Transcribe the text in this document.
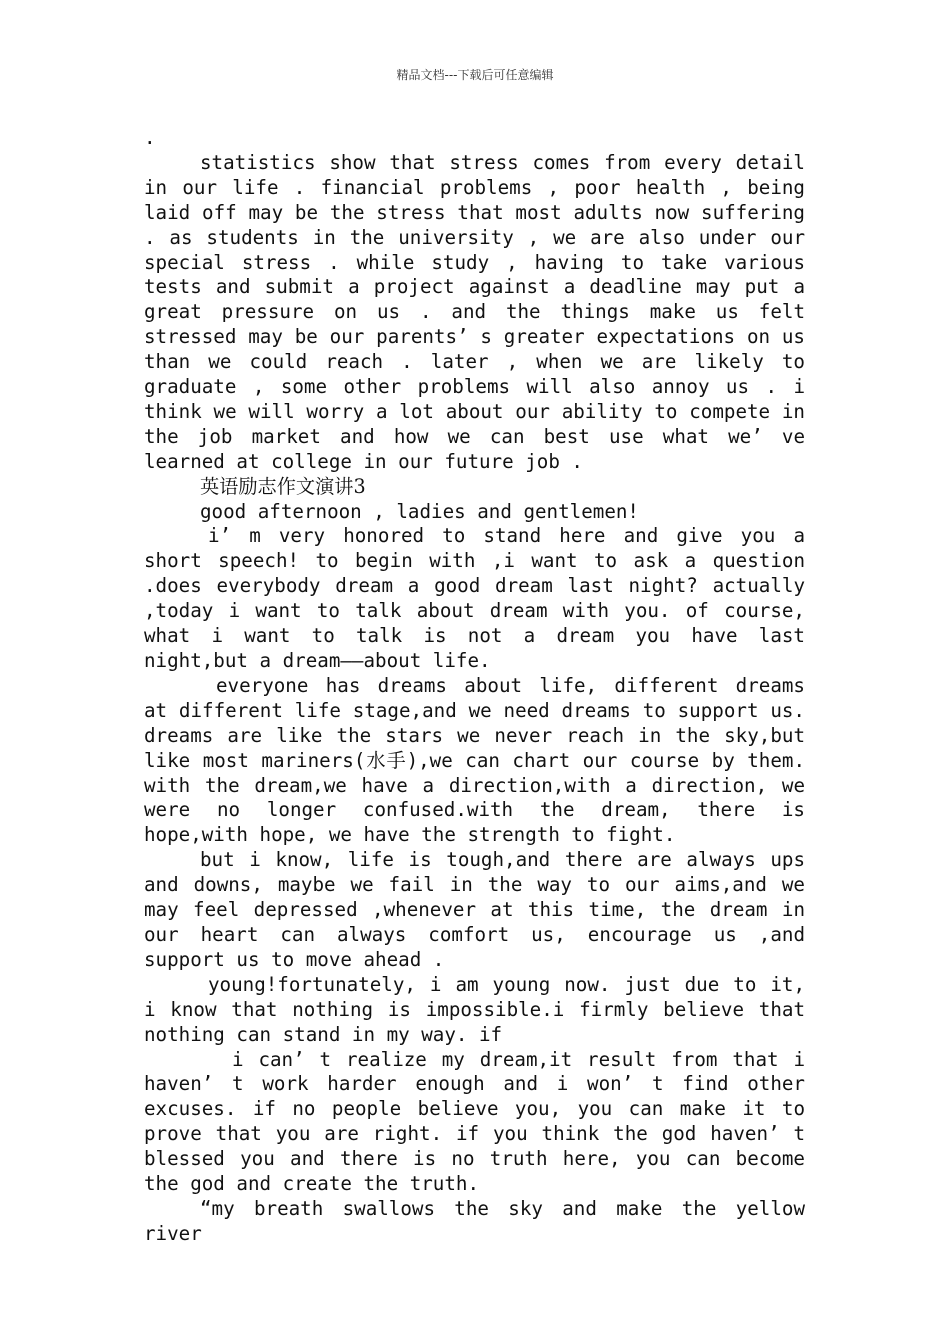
精品文档---下载后可任意编辑

.

statistics show that stress comes from every detail in our life . financial problems , poor health , being laid off may be the stress that most adults now suffering . as students in the university , we are also under our special stress . while study , having to take various tests and submit a project against a deadline may put a great pressure on us . and the things make us felt stressed may be our parents’ s greater expectations on us than we could reach . later , when we are likely to graduate , some other problems will also annoy us . i think we will worry a lot about our ability to compete in the job market and how we can best use what we’ ve learned at college in our future job .

英语励志作文演讲3

good afternoon , ladies and gentlemen!

i’ m very honored to stand here and give you a short speech! to begin with ,i want to ask a question .does everybody dream a good dream last night? actually ,today i want to talk about dream with you. of course, what i want to talk is not a dream you have last night,but a dream——about life.

everyone has dreams about life, different dreams at different life stage,and we need dreams to support us. dreams are like the stars we never reach in the sky,but like most mariners(水手),we can chart our course by them. with the dream,we have a direction,with a direction, we were no longer confused.with the dream, there is hope,with hope, we have the strength to fight.

but i know, life is tough,and there are always ups and downs, maybe we fail in the way to our aims,and we may feel depressed ,whenever at this time, the dream in our heart can always comfort us, encourage us ,and support us to move ahead .

young!fortunately, i am young now. just due to it, i know that nothing is impossible.i firmly believe that nothing can stand in my way. if

i can’ t realize my dream,it result from that i haven’ t work harder enough and i won’ t find other excuses. if no people believe you, you can make it to prove that you are right. if you think the god haven’ t blessed you and there is no truth here, you can become the god and create the truth.

“my breath swallows the sky and make the yellow river
